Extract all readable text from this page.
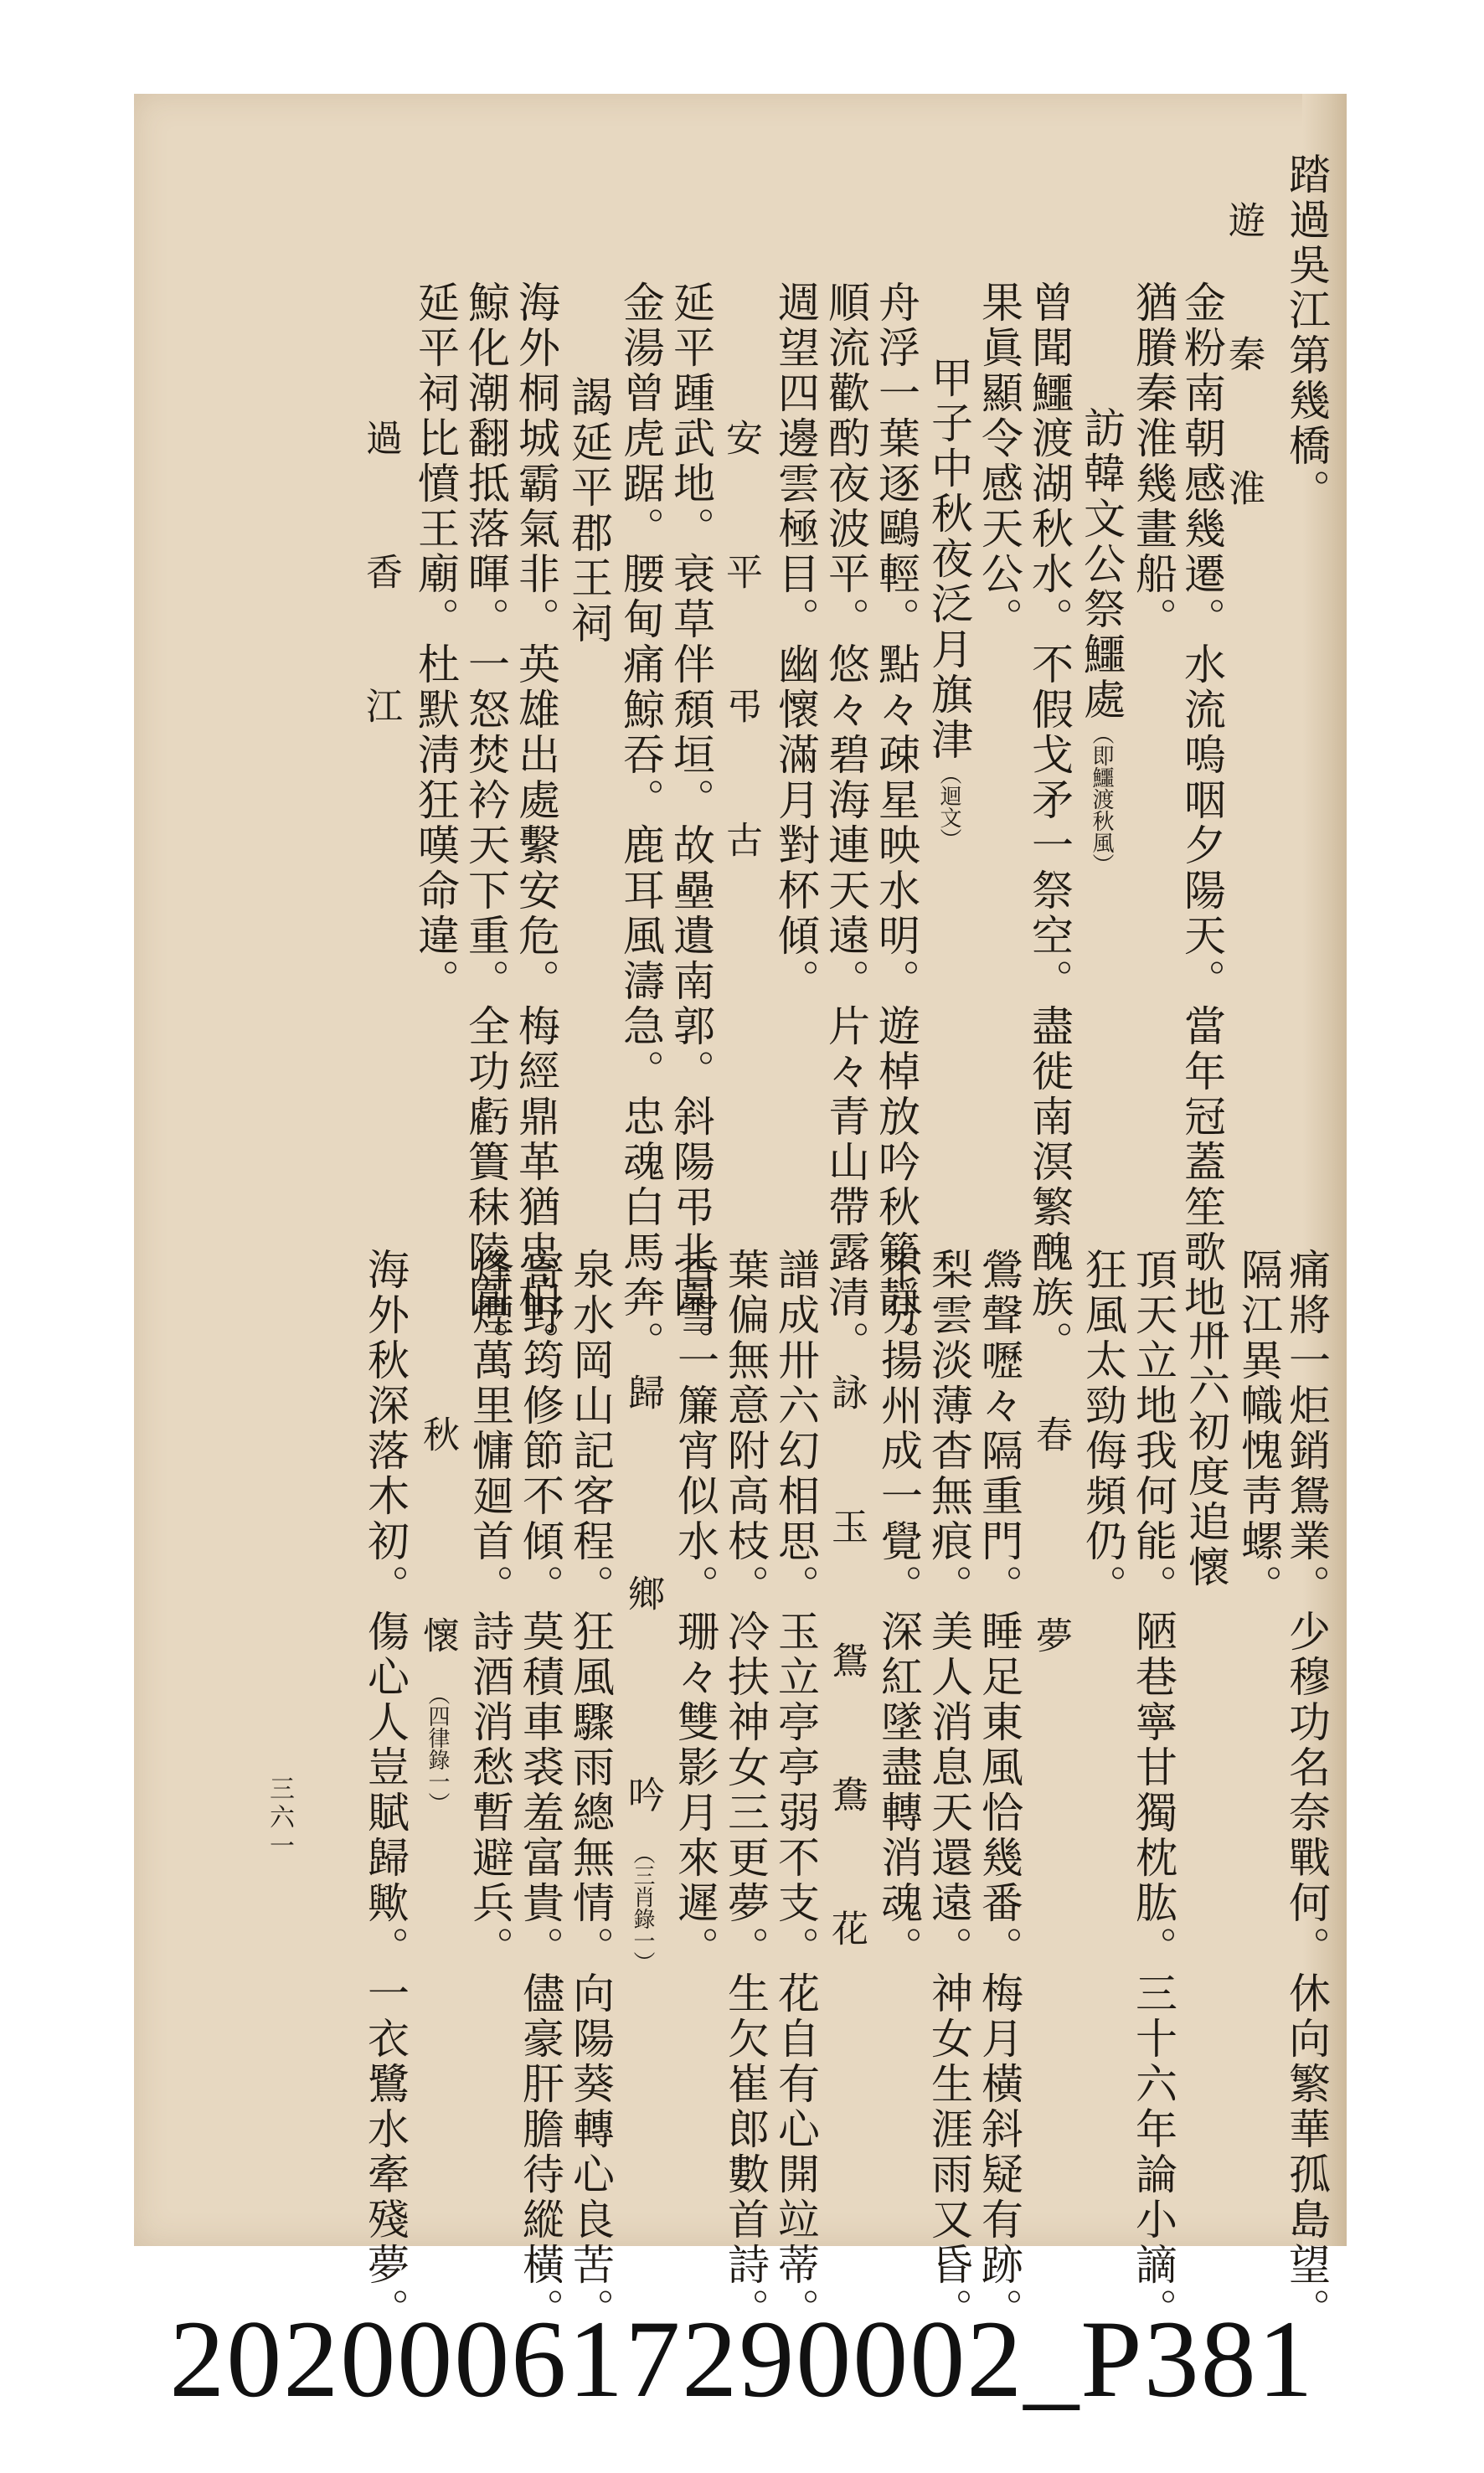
踏過吳江第幾橋。
遊　秦　淮
金粉南朝感幾遷。水流嗚咽夕陽天。當年冠蓋笙歌地。
猶賸秦淮幾畫船。
訪韓文公祭鱷處（即鱷渡秋風）
曾聞鱷渡湖秋水。不假戈矛一祭空。盡徙南溟繁醜族。
果眞顯令感天公。
甲子中秋夜泛月旗津（迴文）
舟浮一葉逐鷗輕。點々疎星映水明。遊棹放吟秋籟靜。
順流歡酌夜波平。悠々碧海連天遠。片々青山帶露清。
週望四邊雲極目。幽懷滿月對杯傾。
安　平　弔　古
延平踵武地。衰草伴頹垣。故壘遺南郭。斜陽弔北園。
金湯曾虎踞。腰甸痛鯨吞。鹿耳風濤急。忠魂白馬奔。
謁延平郡王祠
海外桐城霸氣非。英雄出處繫安危。梅經鼎革猶忠柏。
鯨化潮翻抵落暉。一怒焚衿天下重。全功虧簣秣陵圍。
延平祠比憤王廟。杜默淸狂嘆命違。
過　香　江
痛將一炬銷鴛業。少穆功名奈戰何。休向繁華孤島望。
隔江異幟愧靑螺。
卅六初度追懷
頂天立地我何能。陋巷寧甘獨枕肱。三十六年論小謫。
狂風太勁侮頻仍。
春　　夢
鶯聲嚦々隔重門。睡足東風恰幾番。梅月橫斜疑有跡。
梨雲淡薄杳無痕。美人消息天還遠。神女生涯雨又昏。
不分揚州成一覺。深紅墜盡轉消魂。
詠　玉　鴛　鴦　花
譜成卅六幻相思。玉立亭亭弱不支。花自有心開竝蒂。
葉偏無意附高枝。冷扶神女三更夢。生欠崔郎數首詩。
香雪一簾宵似水。珊々雙影月來遲。
歸　　鄉　　吟（三肖錄一）
泉水岡山記客程。狂風驟雨總無情。向陽葵轉心良苦。
寄野筠修節不傾。莫積車裘羞富貴。儘豪肝膽待縱橫。
烽煙萬里慵廻首。詩酒消愁暫避兵。
秋　　懷（四律錄一）
海外秋深落木初。傷心人豈賦歸歟。一衣鷺水牽殘夢。
三六一
202000617290002_P381
